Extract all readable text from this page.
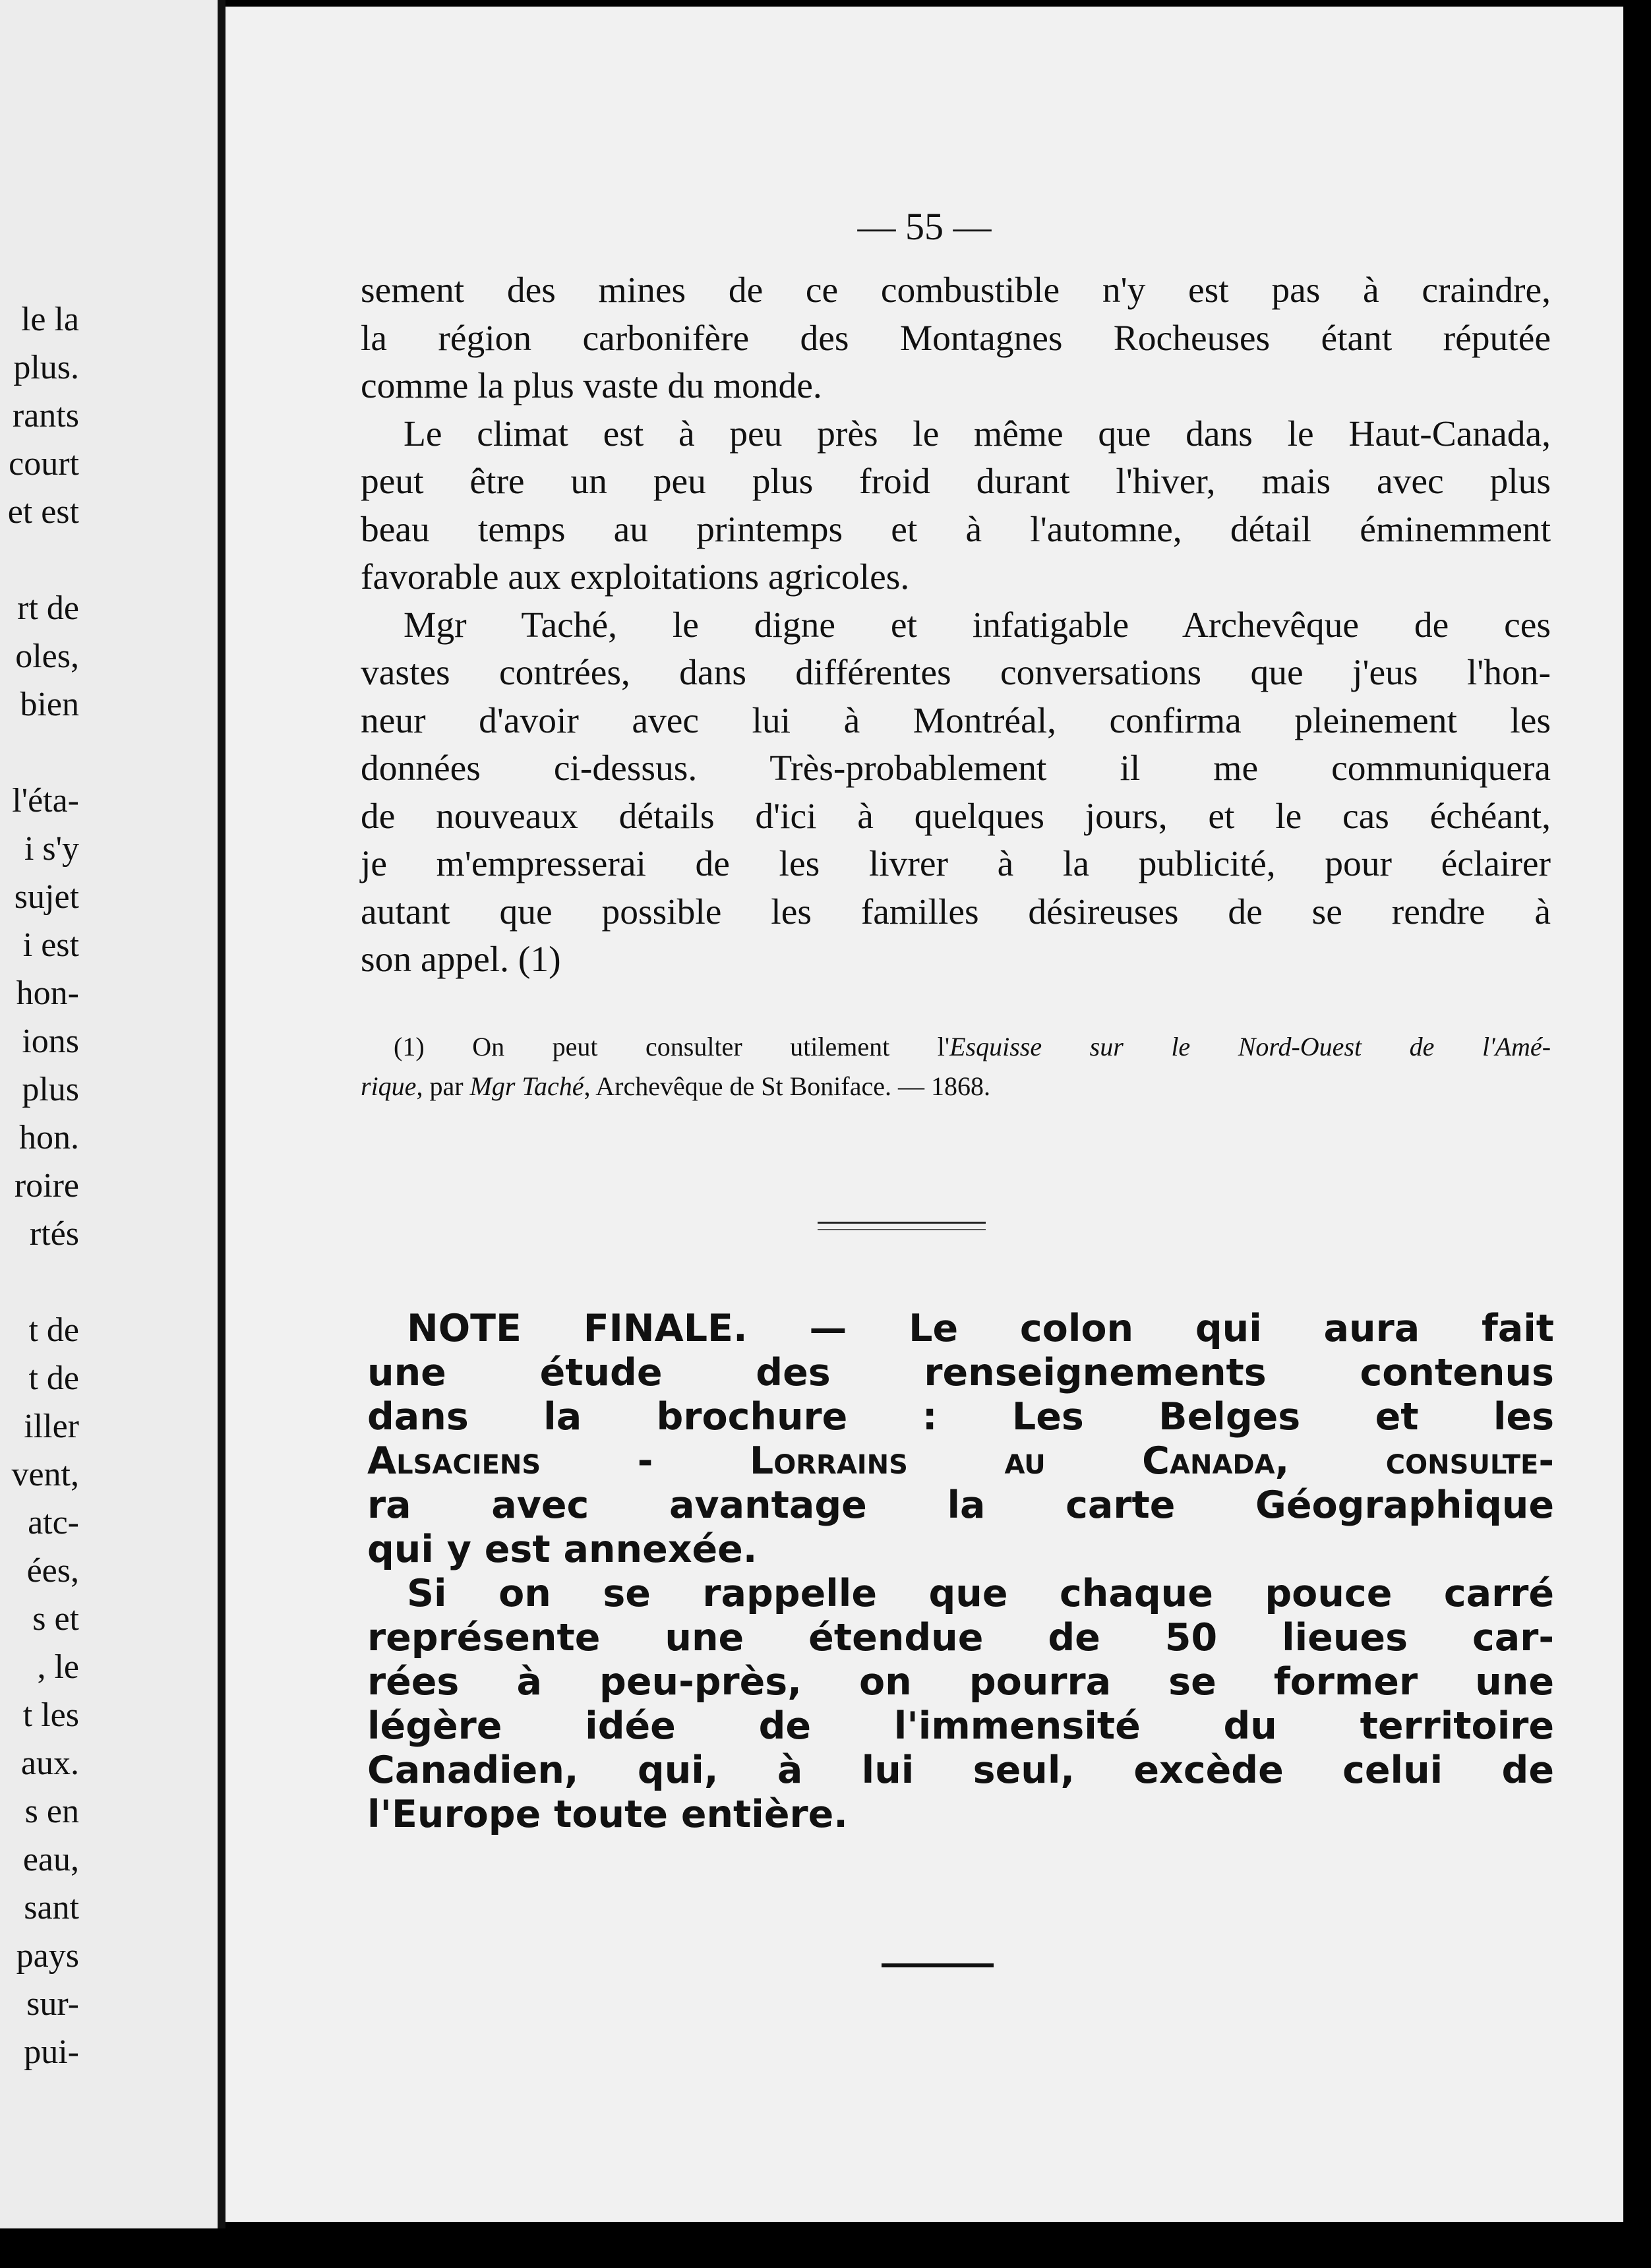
le la
plus.
rants
court
et est
rt de
oles,
bien
l'éta-
i s'y
sujet
i est
hon-
ions
plus
hon.
roire
rtés
t de
t de
iller
vent,
atc-
ées,
s et
, le
t les
aux.
s en
eau,
sant
pays
sur-
pui-
— 55 —
sement des mines de ce combustible n'y est pas à craindre,
la région carbonifère des Montagnes Rocheuses étant réputée
comme la plus vaste du monde.
Le climat est à peu près le même que dans le Haut-Canada,
peut être un peu plus froid durant l'hiver, mais avec plus
beau temps au printemps et à l'automne, détail éminemment
favorable aux exploitations agricoles.
Mgr Taché, le digne et infatigable Archevêque de ces
vastes contrées, dans différentes conversations que j'eus l'hon-
neur d'avoir avec lui à Montréal, confirma pleinement les
données ci-dessus. Très-probablement il me communiquera
de nouveaux détails d'ici à quelques jours, et le cas échéant,
je m'empresserai de les livrer à la publicité, pour éclairer
autant que possible les familles désireuses de se rendre à
son appel. (1)
(1) On peut consulter utilement l'Esquisse sur le Nord-Ouest de l'Amé-
rique, par Mgr Taché, Archevêque de St Boniface. — 1868.
NOTE FINALE. — Le colon qui aura fait
une étude des renseignements contenus
dans la brochure : Les Belges et les
Alsaciens - Lorrains au Canada, consulte-
ra avec avantage la carte Géographique
qui y est annexée.
Si on se rappelle que chaque pouce carré
représente une étendue de 50 lieues car-
rées à peu-près, on pourra se former une
légère idée de l'immensité du territoire
Canadien, qui, à lui seul, excède celui de
l'Europe toute entière.
